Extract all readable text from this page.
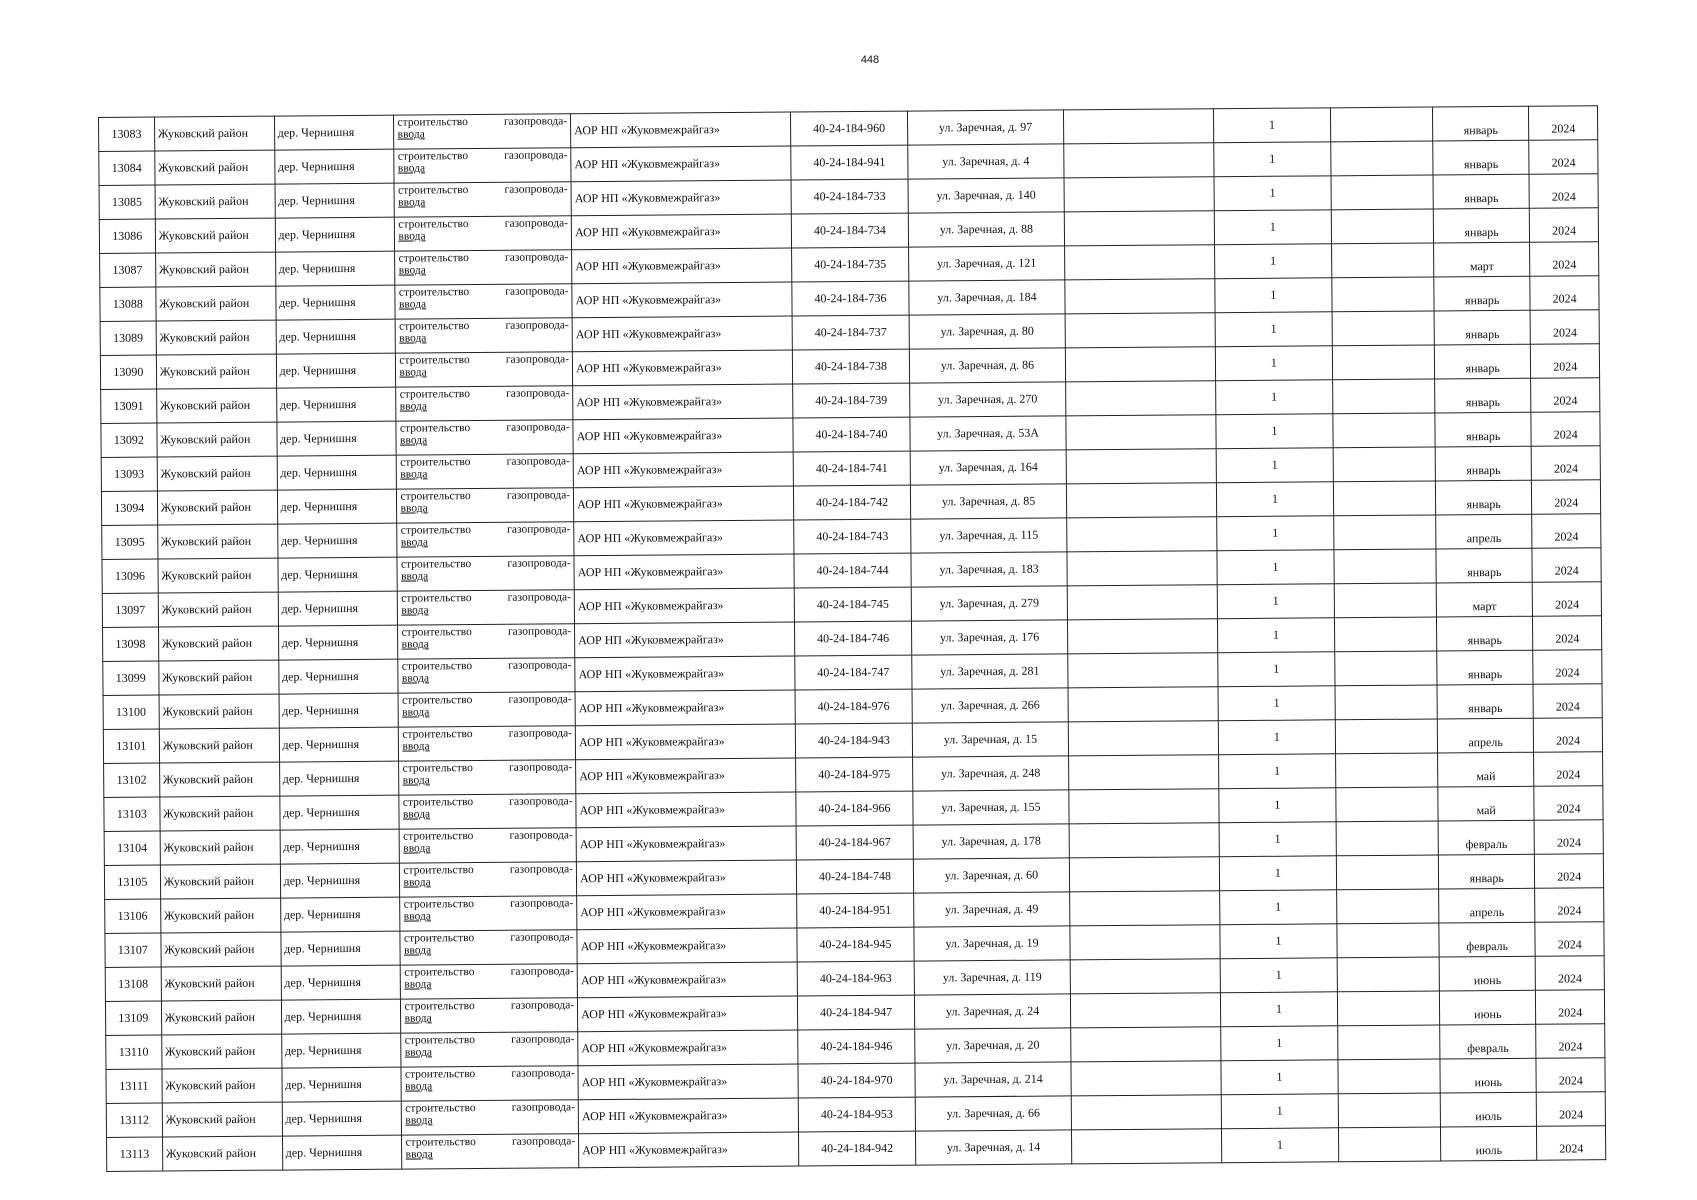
448
13083	Жуковский район	дер. Чернишня	строительство газопровода-
ввода	АОР НП «Жуковмежрайгаз»	40-24-184-960	ул. Заречная, д. 97		1		январь	2024
13084	Жуковский район	дер. Чернишня	строительство газопровода-
ввода	АОР НП «Жуковмежрайгаз»	40-24-184-941	ул. Заречная, д. 4		1		январь	2024
13085	Жуковский район	дер. Чернишня	строительство газопровода-
ввода	АОР НП «Жуковмежрайгаз»	40-24-184-733	ул. Заречная, д. 140		1		январь	2024
13086	Жуковский район	дер. Чернишня	строительство газопровода-
ввода	АОР НП «Жуковмежрайгаз»	40-24-184-734	ул. Заречная, д. 88		1		январь	2024
13087	Жуковский район	дер. Чернишня	строительство газопровода-
ввода	АОР НП «Жуковмежрайгаз»	40-24-184-735	ул. Заречная, д. 121		1		март	2024
13088	Жуковский район	дер. Чернишня	строительство газопровода-
ввода	АОР НП «Жуковмежрайгаз»	40-24-184-736	ул. Заречная, д. 184		1		январь	2024
13089	Жуковский район	дер. Чернишня	строительство газопровода-
ввода	АОР НП «Жуковмежрайгаз»	40-24-184-737	ул. Заречная, д. 80		1		январь	2024
13090	Жуковский район	дер. Чернишня	строительство газопровода-
ввода	АОР НП «Жуковмежрайгаз»	40-24-184-738	ул. Заречная, д. 86		1		январь	2024
13091	Жуковский район	дер. Чернишня	строительство газопровода-
ввода	АОР НП «Жуковмежрайгаз»	40-24-184-739	ул. Заречная, д. 270		1		январь	2024
13092	Жуковский район	дер. Чернишня	строительство газопровода-
ввода	АОР НП «Жуковмежрайгаз»	40-24-184-740	ул. Заречная, д. 53А		1		январь	2024
13093	Жуковский район	дер. Чернишня	строительство газопровода-
ввода	АОР НП «Жуковмежрайгаз»	40-24-184-741	ул. Заречная, д. 164		1		январь	2024
13094	Жуковский район	дер. Чернишня	строительство газопровода-
ввода	АОР НП «Жуковмежрайгаз»	40-24-184-742	ул. Заречная, д. 85		1		январь	2024
13095	Жуковский район	дер. Чернишня	строительство газопровода-
ввода	АОР НП «Жуковмежрайгаз»	40-24-184-743	ул. Заречная, д. 115		1		апрель	2024
13096	Жуковский район	дер. Чернишня	строительство газопровода-
ввода	АОР НП «Жуковмежрайгаз»	40-24-184-744	ул. Заречная, д. 183		1		январь	2024
13097	Жуковский район	дер. Чернишня	строительство газопровода-
ввода	АОР НП «Жуковмежрайгаз»	40-24-184-745	ул. Заречная, д. 279		1		март	2024
13098	Жуковский район	дер. Чернишня	строительство газопровода-
ввода	АОР НП «Жуковмежрайгаз»	40-24-184-746	ул. Заречная, д. 176		1		январь	2024
13099	Жуковский район	дер. Чернишня	строительство газопровода-
ввода	АОР НП «Жуковмежрайгаз»	40-24-184-747	ул. Заречная, д. 281		1		январь	2024
13100	Жуковский район	дер. Чернишня	строительство газопровода-
ввода	АОР НП «Жуковмежрайгаз»	40-24-184-976	ул. Заречная, д. 266		1		январь	2024
13101	Жуковский район	дер. Чернишня	строительство газопровода-
ввода	АОР НП «Жуковмежрайгаз»	40-24-184-943	ул. Заречная, д. 15		1		апрель	2024
13102	Жуковский район	дер. Чернишня	строительство газопровода-
ввода	АОР НП «Жуковмежрайгаз»	40-24-184-975	ул. Заречная, д. 248		1		май	2024
13103	Жуковский район	дер. Чернишня	строительство газопровода-
ввода	АОР НП «Жуковмежрайгаз»	40-24-184-966	ул. Заречная, д. 155		1		май	2024
13104	Жуковский район	дер. Чернишня	строительство газопровода-
ввода	АОР НП «Жуковмежрайгаз»	40-24-184-967	ул. Заречная, д. 178		1		февраль	2024
13105	Жуковский район	дер. Чернишня	строительство газопровода-
ввода	АОР НП «Жуковмежрайгаз»	40-24-184-748	ул. Заречная, д. 60		1		январь	2024
13106	Жуковский район	дер. Чернишня	строительство газопровода-
ввода	АОР НП «Жуковмежрайгаз»	40-24-184-951	ул. Заречная, д. 49		1		апрель	2024
13107	Жуковский район	дер. Чернишня	строительство газопровода-
ввода	АОР НП «Жуковмежрайгаз»	40-24-184-945	ул. Заречная, д. 19		1		февраль	2024
13108	Жуковский район	дер. Чернишня	строительство газопровода-
ввода	АОР НП «Жуковмежрайгаз»	40-24-184-963	ул. Заречная, д. 119		1		июнь	2024
13109	Жуковский район	дер. Чернишня	строительство газопровода-
ввода	АОР НП «Жуковмежрайгаз»	40-24-184-947	ул. Заречная, д. 24		1		июнь	2024
13110	Жуковский район	дер. Чернишня	строительство газопровода-
ввода	АОР НП «Жуковмежрайгаз»	40-24-184-946	ул. Заречная, д. 20		1		февраль	2024
13111	Жуковский район	дер. Чернишня	строительство газопровода-
ввода	АОР НП «Жуковмежрайгаз»	40-24-184-970	ул. Заречная, д. 214		1		июнь	2024
13112	Жуковский район	дер. Чернишня	строительство газопровода-
ввода	АОР НП «Жуковмежрайгаз»	40-24-184-953	ул. Заречная, д. 66		1		июль	2024
13113	Жуковский район	дер. Чернишня	строительство газопровода-
ввода	АОР НП «Жуковмежрайгаз»	40-24-184-942	ул. Заречная, д. 14		1		июль	2024
